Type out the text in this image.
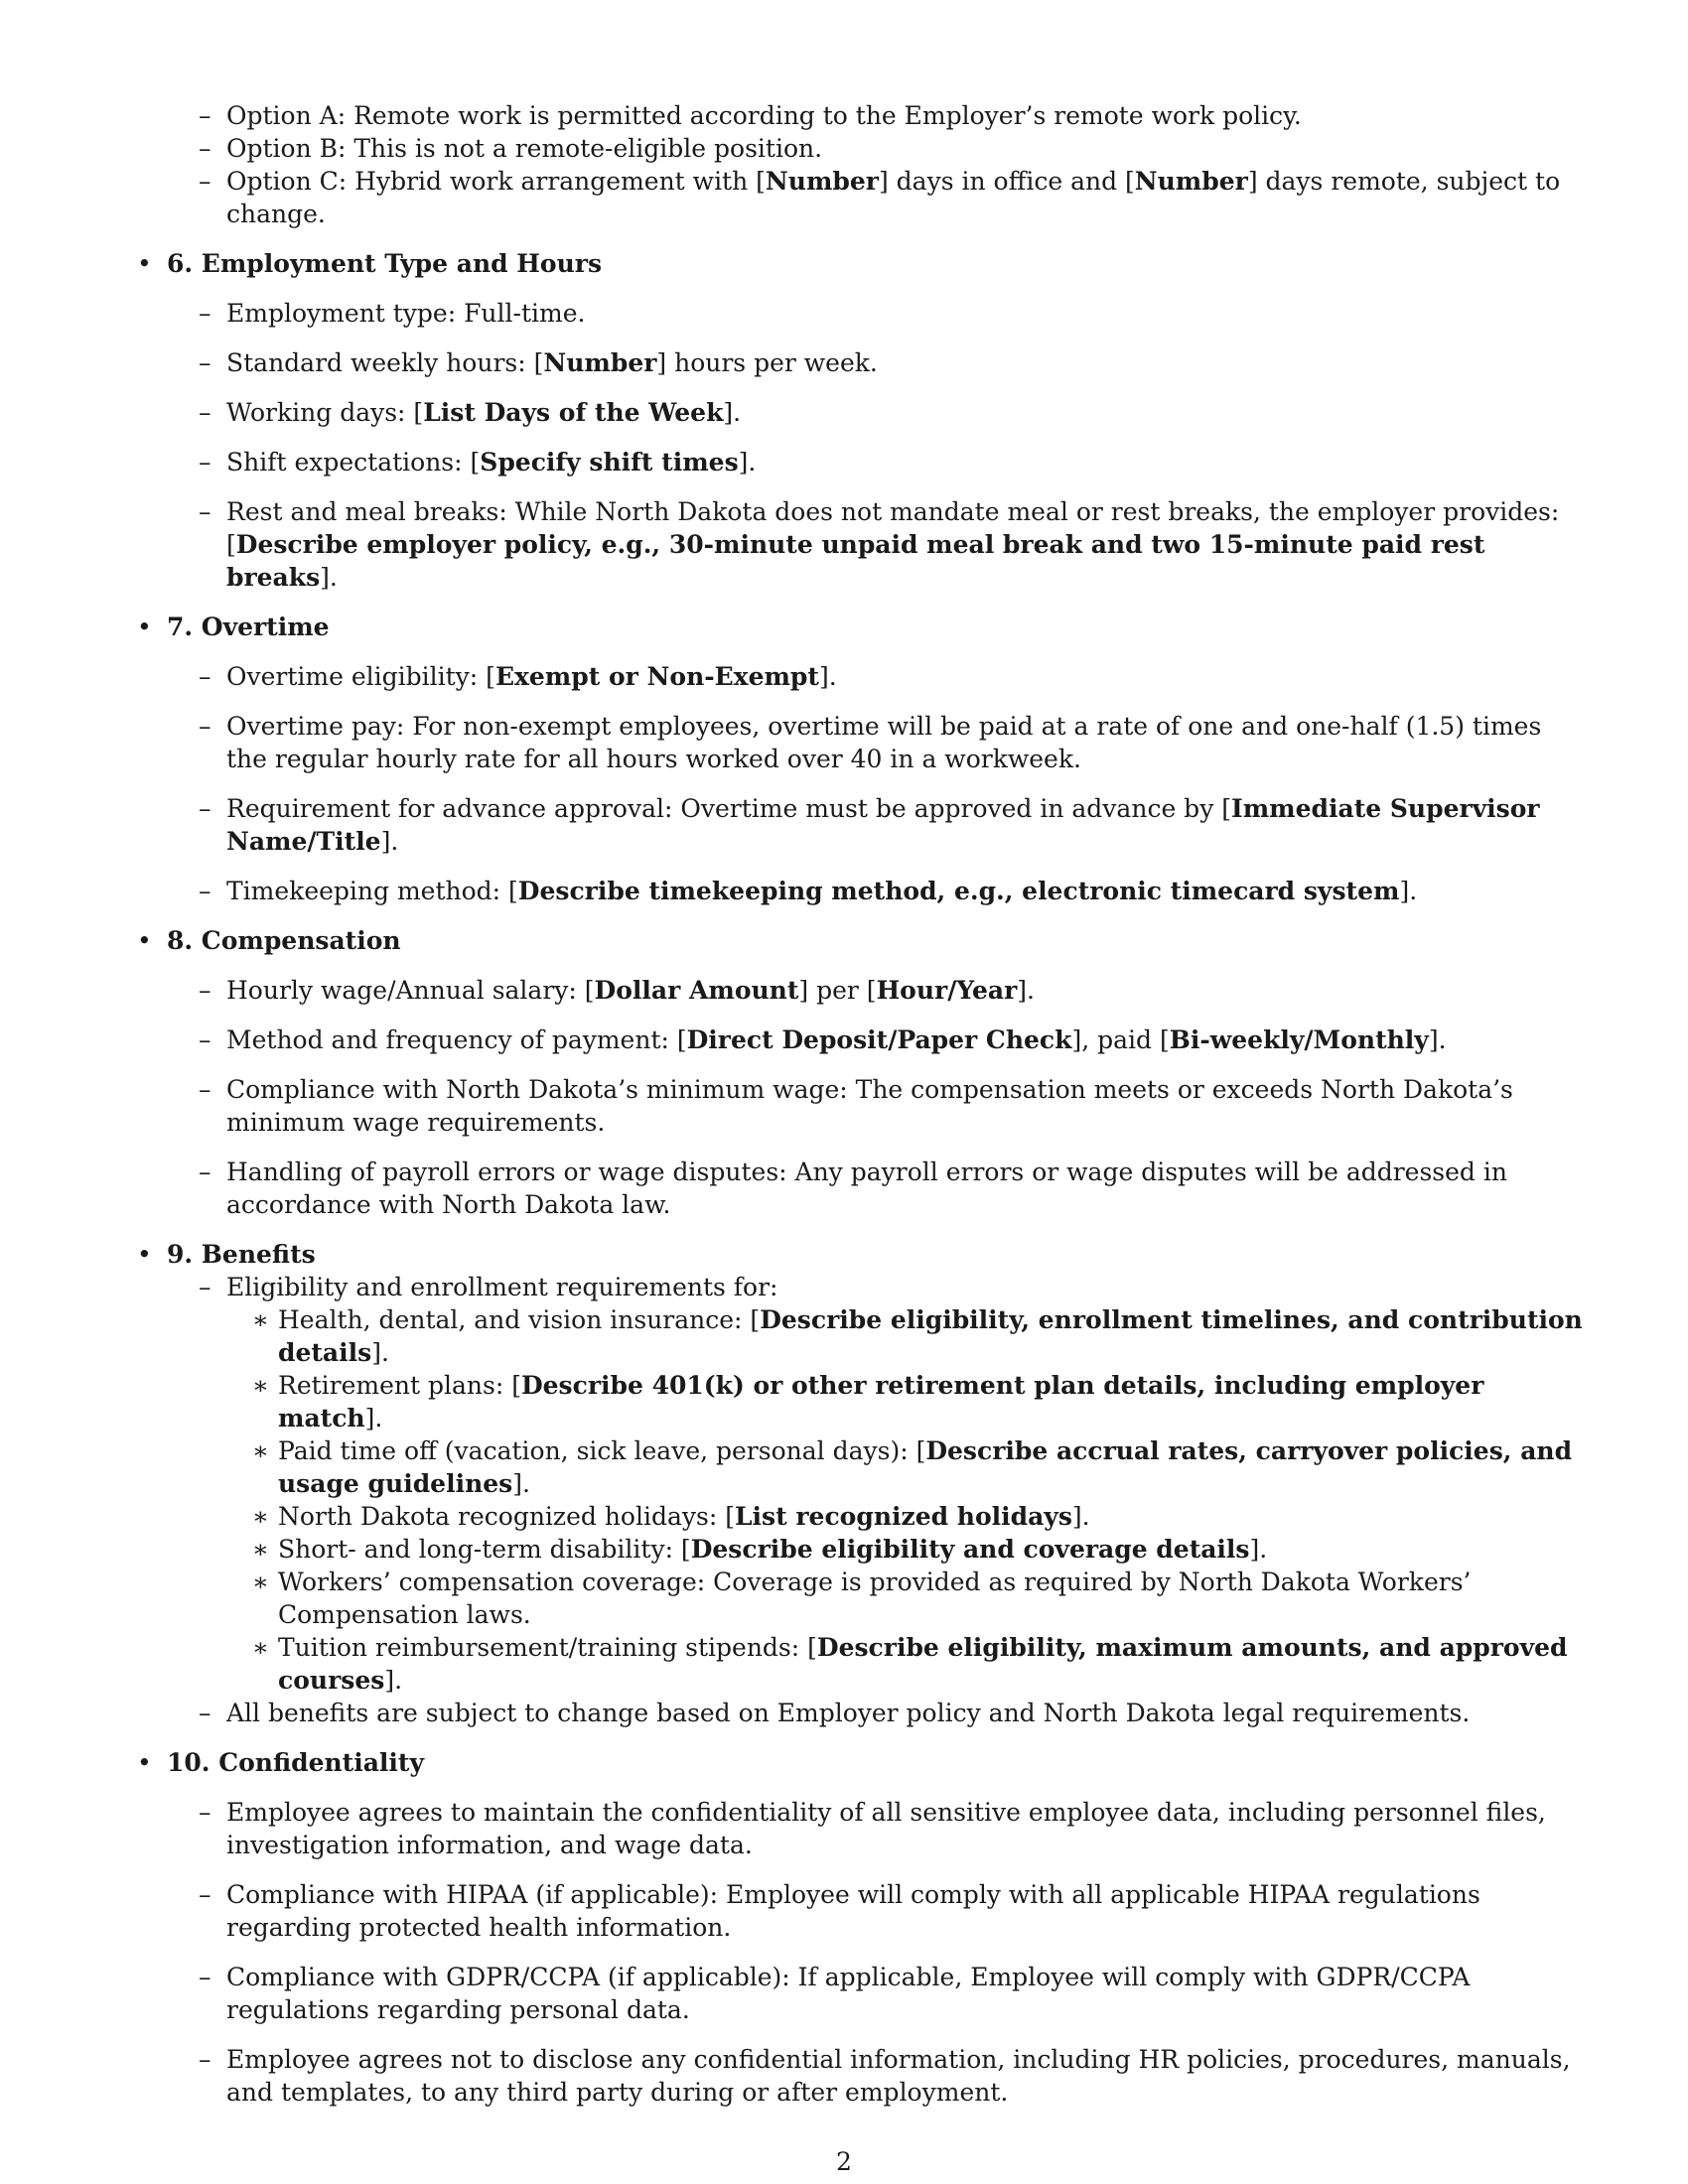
– Option A: Remote work is permitted according to the Employer’s remote work policy.
– Option B: This is not a remote-eligible position.
– Option C: Hybrid work arrangement with [Number] days in office and [Number] days remote, subject to change.
• 6. Employment Type and Hours
– Employment type: Full-time.
– Standard weekly hours: [Number] hours per week.
– Working days: [List Days of the Week].
– Shift expectations: [Specify shift times].
– Rest and meal breaks: While North Dakota does not mandate meal or rest breaks, the employer provides: [Describe employer policy, e.g., 30-minute unpaid meal break and two 15-minute paid rest breaks].
• 7. Overtime
– Overtime eligibility: [Exempt or Non-Exempt].
– Overtime pay: For non-exempt employees, overtime will be paid at a rate of one and one-half (1.5) times the regular hourly rate for all hours worked over 40 in a workweek.
– Requirement for advance approval: Overtime must be approved in advance by [Immediate Supervisor Name/Title].
– Timekeeping method: [Describe timekeeping method, e.g., electronic timecard system].
• 8. Compensation
– Hourly wage/Annual salary: [Dollar Amount] per [Hour/Year].
– Method and frequency of payment: [Direct Deposit/Paper Check], paid [Bi-weekly/Monthly].
– Compliance with North Dakota’s minimum wage: The compensation meets or exceeds North Dakota’s minimum wage requirements.
– Handling of payroll errors or wage disputes: Any payroll errors or wage disputes will be addressed in accordance with North Dakota law.
• 9. Benefits
– Eligibility and enrollment requirements for:
∗ Health, dental, and vision insurance: [Describe eligibility, enrollment timelines, and contribution details].
∗ Retirement plans: [Describe 401(k) or other retirement plan details, including employer match].
∗ Paid time off (vacation, sick leave, personal days): [Describe accrual rates, carryover policies, and usage guidelines].
∗ North Dakota recognized holidays: [List recognized holidays].
∗ Short- and long-term disability: [Describe eligibility and coverage details].
∗ Workers’ compensation coverage: Coverage is provided as required by North Dakota Workers’ Compensation laws.
∗ Tuition reimbursement/training stipends: [Describe eligibility, maximum amounts, and approved courses].
– All benefits are subject to change based on Employer policy and North Dakota legal requirements.
• 10. Confidentiality
– Employee agrees to maintain the confidentiality of all sensitive employee data, including personnel files, investigation information, and wage data.
– Compliance with HIPAA (if applicable): Employee will comply with all applicable HIPAA regulations regarding protected health information.
– Compliance with GDPR/CCPA (if applicable): If applicable, Employee will comply with GDPR/CCPA regulations regarding personal data.
– Employee agrees not to disclose any confidential information, including HR policies, procedures, manuals, and templates, to any third party during or after employment.
2
